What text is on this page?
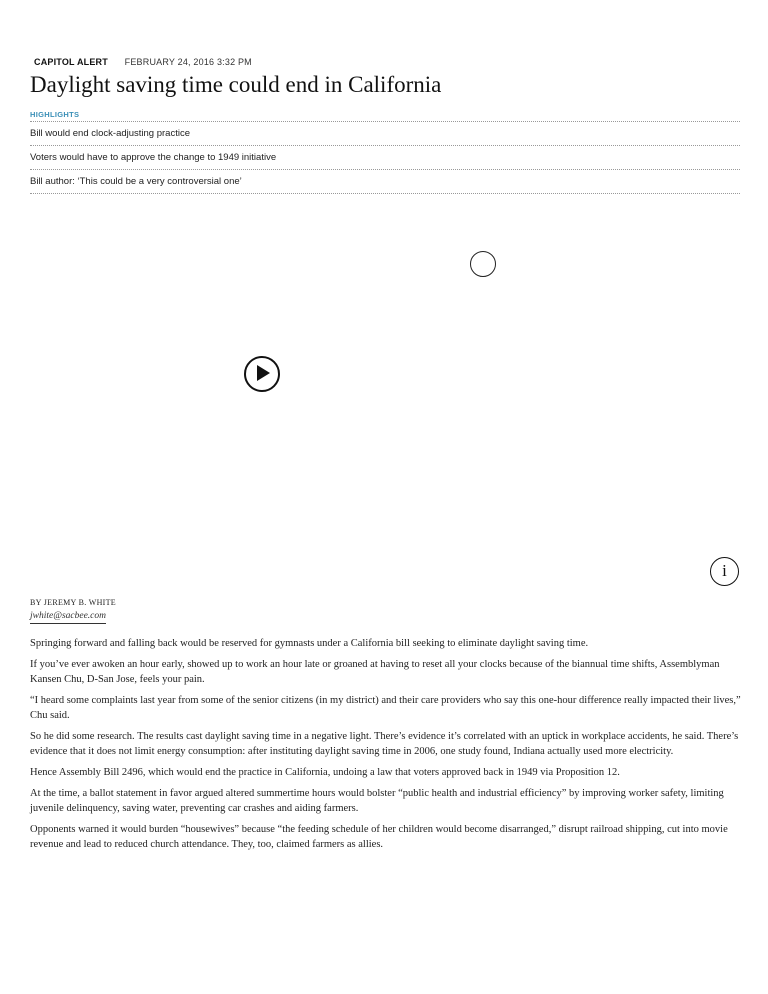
CAPITOL ALERT FEBRUARY 24, 2016 3:32 PM
Daylight saving time could end in California
HIGHLIGHTS
Bill would end clock-adjusting practice
Voters would have to approve the change to 1949 initiative
Bill author: ‘This could be a very controversial one’
i
BY JEREMY B. WHITE
jwhite@sacbee.com

Springing forward and falling back would be reserved for gymnasts under a California bill seeking to eliminate daylight saving time.

If you’ve ever awoken an hour early, showed up to work an hour late or groaned at having to reset all your clocks because of the biannual time shifts, Assemblyman Kansen Chu, D-San Jose, feels your pain.

“I heard some complaints last year from some of the senior citizens (in my district) and their care providers who say this one-hour difference really impacted their lives,” Chu said.

So he did some research. The results cast daylight saving time in a negative light. There’s evidence it’s correlated with an uptick in workplace accidents, he said. There’s evidence that it does not limit energy consumption: after instituting daylight saving time in 2006, one study found, Indiana actually used more electricity.

Hence Assembly Bill 2496, which would end the practice in California, undoing a law that voters approved back in 1949 via Proposition 12.

At the time, a ballot statement in favor argued altered summertime hours would bolster “public health and industrial efficiency” by improving worker safety, limiting juvenile delinquency, saving water, preventing car crashes and aiding farmers.

Opponents warned it would burden “housewives” because “the feeding schedule of her children would become disarranged,” disrupt railroad shipping, cut into movie revenue and lead to reduced church attendance. They, too, claimed farmers as allies.
